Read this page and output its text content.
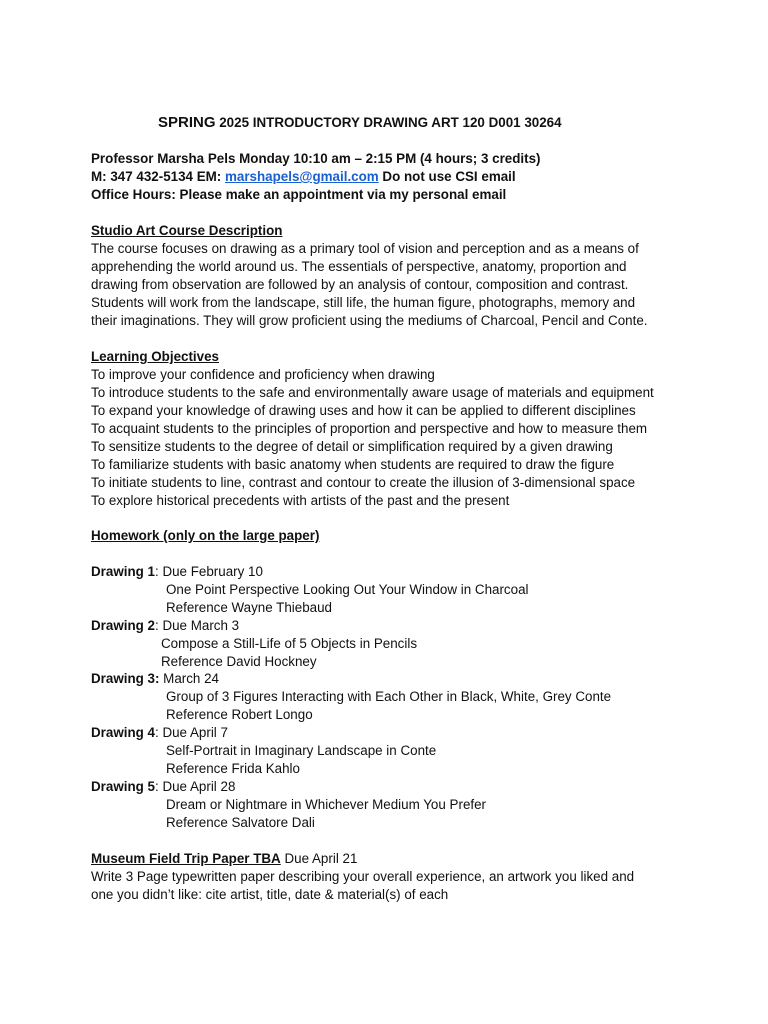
SPRING 2025 INTRODUCTORY DRAWING ART 120 D001 30264
Professor Marsha Pels Monday 10:10 am – 2:15 PM (4 hours; 3 credits)
M: 347 432-5134 EM: marshapels@gmail.com Do not use CSI email
Office Hours: Please make an appointment via my personal email
Studio Art Course Description
The course focuses on drawing as a primary tool of vision and perception and as a means of
apprehending the world around us. The essentials of perspective, anatomy, proportion and
drawing from observation are followed by an analysis of contour, composition and contrast.
Students will work from the landscape, still life, the human figure, photographs, memory and
their imaginations. They will grow proficient using the mediums of Charcoal, Pencil and Conte.
Learning Objectives
To improve your confidence and proficiency when drawing
To introduce students to the safe and environmentally aware usage of materials and equipment
To expand your knowledge of drawing uses and how it can be applied to different disciplines
To acquaint students to the principles of proportion and perspective and how to measure them
To sensitize students to the degree of detail or simplification required by a given drawing
To familiarize students with basic anatomy when students are required to draw the figure
To initiate students to line, contrast and contour to create the illusion of 3-dimensional space
To explore historical precedents with artists of the past and the present
Homework (only on the large paper)
Drawing 1: Due February 10
One Point Perspective Looking Out Your Window in Charcoal
Reference Wayne Thiebaud
Drawing 2: Due March 3
Compose a Still-Life of 5 Objects in Pencils
Reference David Hockney
Drawing 3: March 24
Group of 3 Figures Interacting with Each Other in Black, White, Grey Conte
Reference Robert Longo
Drawing 4: Due April 7
Self-Portrait in Imaginary Landscape in Conte
Reference Frida Kahlo
Drawing 5: Due April 28
Dream or Nightmare in Whichever Medium You Prefer
Reference Salvatore Dali
Museum Field Trip Paper TBA Due April 21
Write 3 Page typewritten paper describing your overall experience, an artwork you liked and
one you didn’t like: cite artist, title, date & material(s) of each
